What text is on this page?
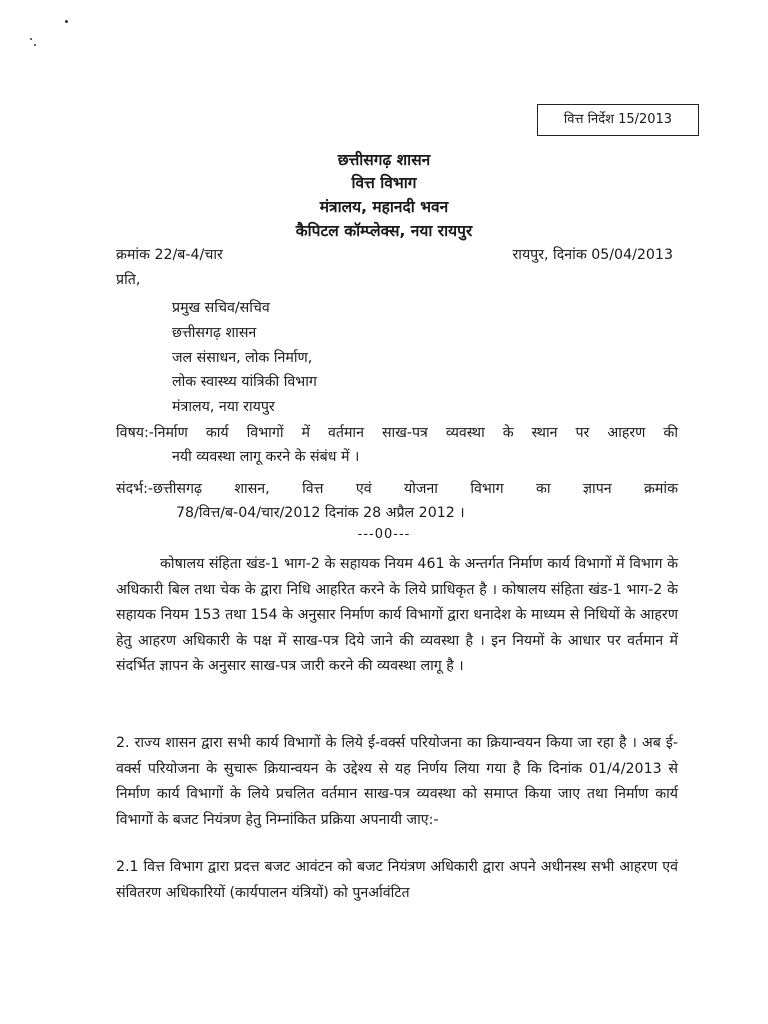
वित्त निर्देश 15/2013
छत्तीसगढ़ शासन
वित्त विभाग
मंत्रालय, महानदी भवन
कैपिटल कॉम्प्लेक्स, नया रायपुर
क्रमांक 22/ब-4/चार	रायपुर, दिनांक 05/04/2013
प्रति,
प्रमुख सचिव/सचिव
छत्तीसगढ़ शासन
जल संसाधन, लोक निर्माण,
लोक स्वास्थ्य यांत्रिकी विभाग
मंत्रालय, नया रायपुर
विषय:-निर्माण कार्य विभागों में वर्तमान साख-पत्र व्यवस्था के स्थान पर आहरण की
नयी व्यवस्था लागू करने के संबंध में ।
संदर्भ:-छत्तीसगढ़ शासन, वित्त एवं योजना विभाग का ज्ञापन क्रमांक
78/वित्त/ब-04/चार/2012 दिनांक 28 अप्रैल 2012 ।
---00---
कोषालय संहिता खंड-1 भाग-2 के सहायक नियम 461 के अन्तर्गत निर्माण कार्य विभागों में विभाग के अधिकारी बिल तथा चेक के द्वारा निधि आहरित करने के लिये प्राधिकृत है । कोषालय संहिता खंड-1 भाग-2 के सहायक नियम 153 तथा 154 के अनुसार निर्माण कार्य विभागों द्वारा धनादेश के माध्यम से निधियों के आहरण हेतु आहरण अधिकारी के पक्ष में साख-पत्र दिये जाने की व्यवस्था है । इन नियमों के आधार पर वर्तमान में संदर्भित ज्ञापन के अनुसार साख-पत्र जारी करने की व्यवस्था लागू है ।
2. राज्य शासन द्वारा सभी कार्य विभागों के लिये ई-वर्क्स परियोजना का क्रियान्वयन किया जा रहा है । अब ई-वर्क्स परियोजना के सुचारू क्रियान्वयन के उद्देश्य से यह निर्णय लिया गया है कि दिनांक 01/4/2013 से निर्माण कार्य विभागों के लिये प्रचलित वर्तमान साख-पत्र व्यवस्था को समाप्त किया जाए तथा निर्माण कार्य विभागों के बजट नियंत्रण हेतु निम्नांकित प्रक्रिया अपनायी जाए:-
2.1 वित्त विभाग द्वारा प्रदत्त बजट आवंटन को बजट नियंत्रण अधिकारी द्वारा अपने अधीनस्थ सभी आहरण एवं संवितरण अधिकारियों (कार्यपालन यंत्रियों) को पुनर्आवंटित
